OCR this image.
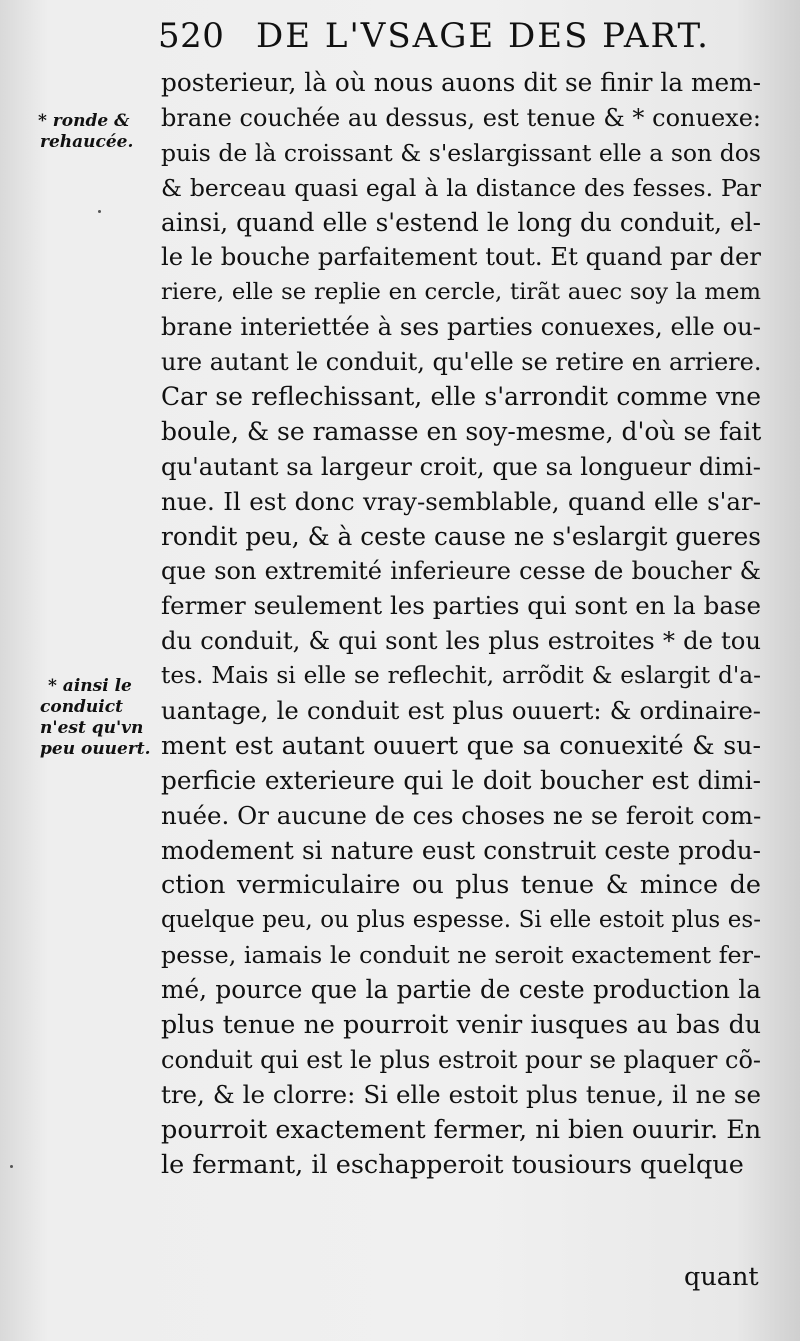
520 DE L'VSAGE DES PART.
* ronde &
rehaucée.
* ainsi le
conduict
n'est qu'vn
peu ouuert.
posterieur, là où nous auons dit se finir la mem-
brane couchée au dessus, est tenue & * conuexe:
puis de là croissant & s'eslargissant elle a son dos
& berceau quasi egal à la distance des fesses. Par
ainsi, quand elle s'estend le long du conduit, el-
le le bouche parfaitement tout. Et quand par der
riere, elle se replie en cercle, tirãt auec soy la mem
brane interiettée à ses parties conuexes, elle ou-
ure autant le conduit, qu'elle se retire en arriere.
Car se reflechissant, elle s'arrondit comme vne
boule, & se ramasse en soy-mesme, d'où se fait
qu'autant sa largeur croit, que sa longueur dimi-
nue. Il est donc vray-semblable, quand elle s'ar-
rondit peu, & à ceste cause ne s'eslargit gueres
que son extremité inferieure cesse de boucher &
fermer seulement les parties qui sont en la base
du conduit, & qui sont les plus estroites * de tou
tes. Mais si elle se reflechit, arrõdit & eslargit d'a-
uantage, le conduit est plus ouuert: & ordinaire-
ment est autant ouuert que sa conuexité & su-
perficie exterieure qui le doit boucher est dimi-
nuée. Or aucune de ces choses ne se feroit com-
modement si nature eust construit ceste produ-
ction vermiculaire ou plus tenue & mince de
quelque peu, ou plus espesse. Si elle estoit plus es-
pesse, iamais le conduit ne seroit exactement fer-
mé, pource que la partie de ceste production la
plus tenue ne pourroit venir iusques au bas du
conduit qui est le plus estroit pour se plaquer cõ-
tre, & le clorre: Si elle estoit plus tenue, il ne se
pourroit exactement fermer, ni bien ouurir. En
le fermant, il eschapperoit tousiours quelque
quant
